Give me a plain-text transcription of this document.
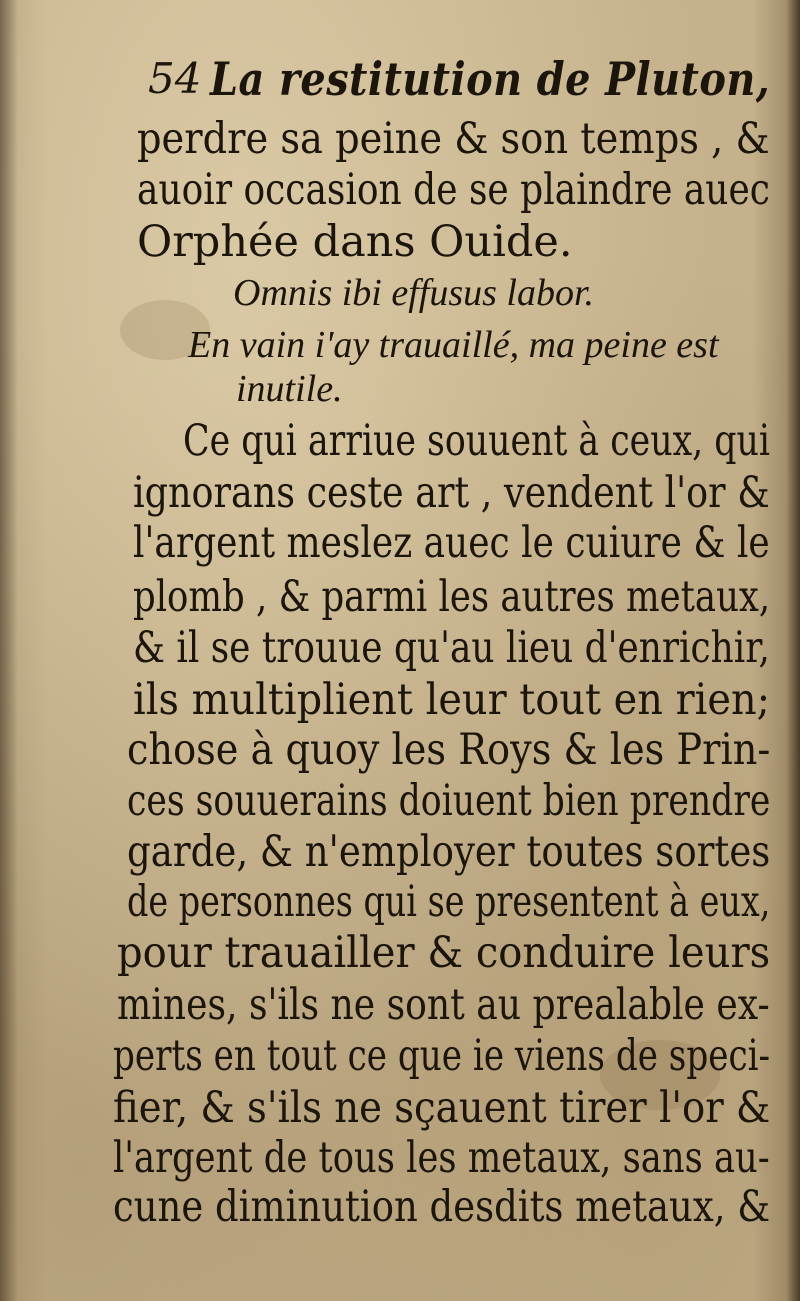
54 La restitution de Pluton,
perdre sa peine & son temps , &
auoir occasion de se plaindre auec
Orphée dans Ouide.
Omnis ibi effusus labor.
En vain i'ay trauaillé, ma peine est
inutile.
Ce qui arriue souuent à ceux, qui
ignorans ceste art , vendent l'or &
l'argent meslez auec le cuiure & le
plomb , & parmi les autres metaux,
& il se trouue qu'au lieu d'enrichir,
ils multiplient leur tout en rien;
chose à quoy les Roys & les Prin-
ces souuerains doiuent bien prendre
garde, & n'employer toutes sortes
de personnes qui se presentent à eux,
pour trauailler & conduire leurs
mines, s'ils ne sont au prealable ex-
perts en tout ce que ie viens de speci-
fier, & s'ils ne sçauent tirer l'or &
l'argent de tous les metaux, sans au-
cune diminution desdits metaux, &
